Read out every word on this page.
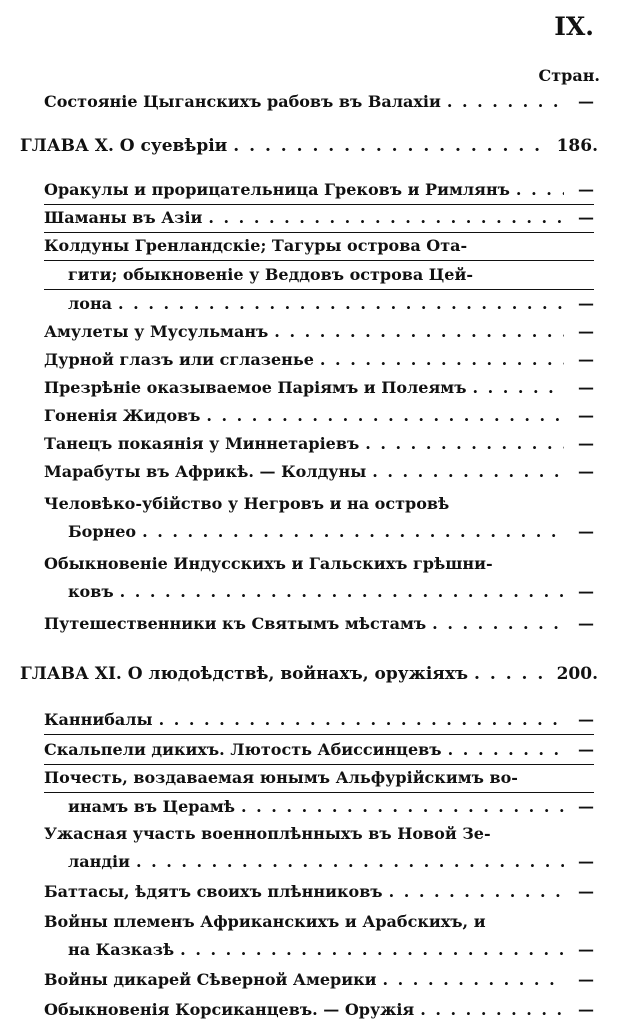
IX.
Стран.
Состоянiе Цыганскихъ рабовъ въ Валахiи . . .	—
ГЛАВА X. О суевѣрiи . . .	186.
Оракулы и прорицательница Грековъ и Римлянъ . . .	—
Шаманы въ Азiи . . .	—
Колдуны Гренландскiе; Тагуры острова Ота-
гити; обыкновенiе у Веддовъ острова Цей-
лона . . .	—
Амулеты у Мусульманъ . . .	—
Дурной глазъ или сглазенье . . .	—
Презрѣнiе оказываемое Парiямъ и Полеямъ . . .	—
Гоненiя Жидовъ . . .	—
Танецъ покаянiя у Миннетарiевъ . . .	—
Марабуты въ Африкѣ. — Колдуны . . .	—
Человѣко-убiйство у Негровъ и на островѣ
Борнео . . .	—
Обыкновенiе Индусскихъ и Гальскихъ грѣшни-
ковъ . . .	—
Путешественники къ Святымъ мѣстамъ . . .	—
ГЛАВА XI. О людоѣдствѣ, войнахъ, оружiяхъ . . .	200.
Каннибалы . . .	—
Скальпели дикихъ. Лютость Абиссинцевъ . . .	—
Почесть, воздаваемая юнымъ Альфурiйскимъ во-
инамъ въ Церамѣ . . .	—
Ужасная участь военноплѣнныхъ въ Новой Зе-
ландiи . . .	—
Баттасы, ѣдятъ своихъ плѣнниковъ . . .	—
Войны племенъ Африканскихъ и Арабскихъ, и
на Казказѣ . . .	—
Войны дикарей Сѣверной Америки . . .	—
Обыкновенiя Корсиканцевъ. — Оружiя . . .	—
